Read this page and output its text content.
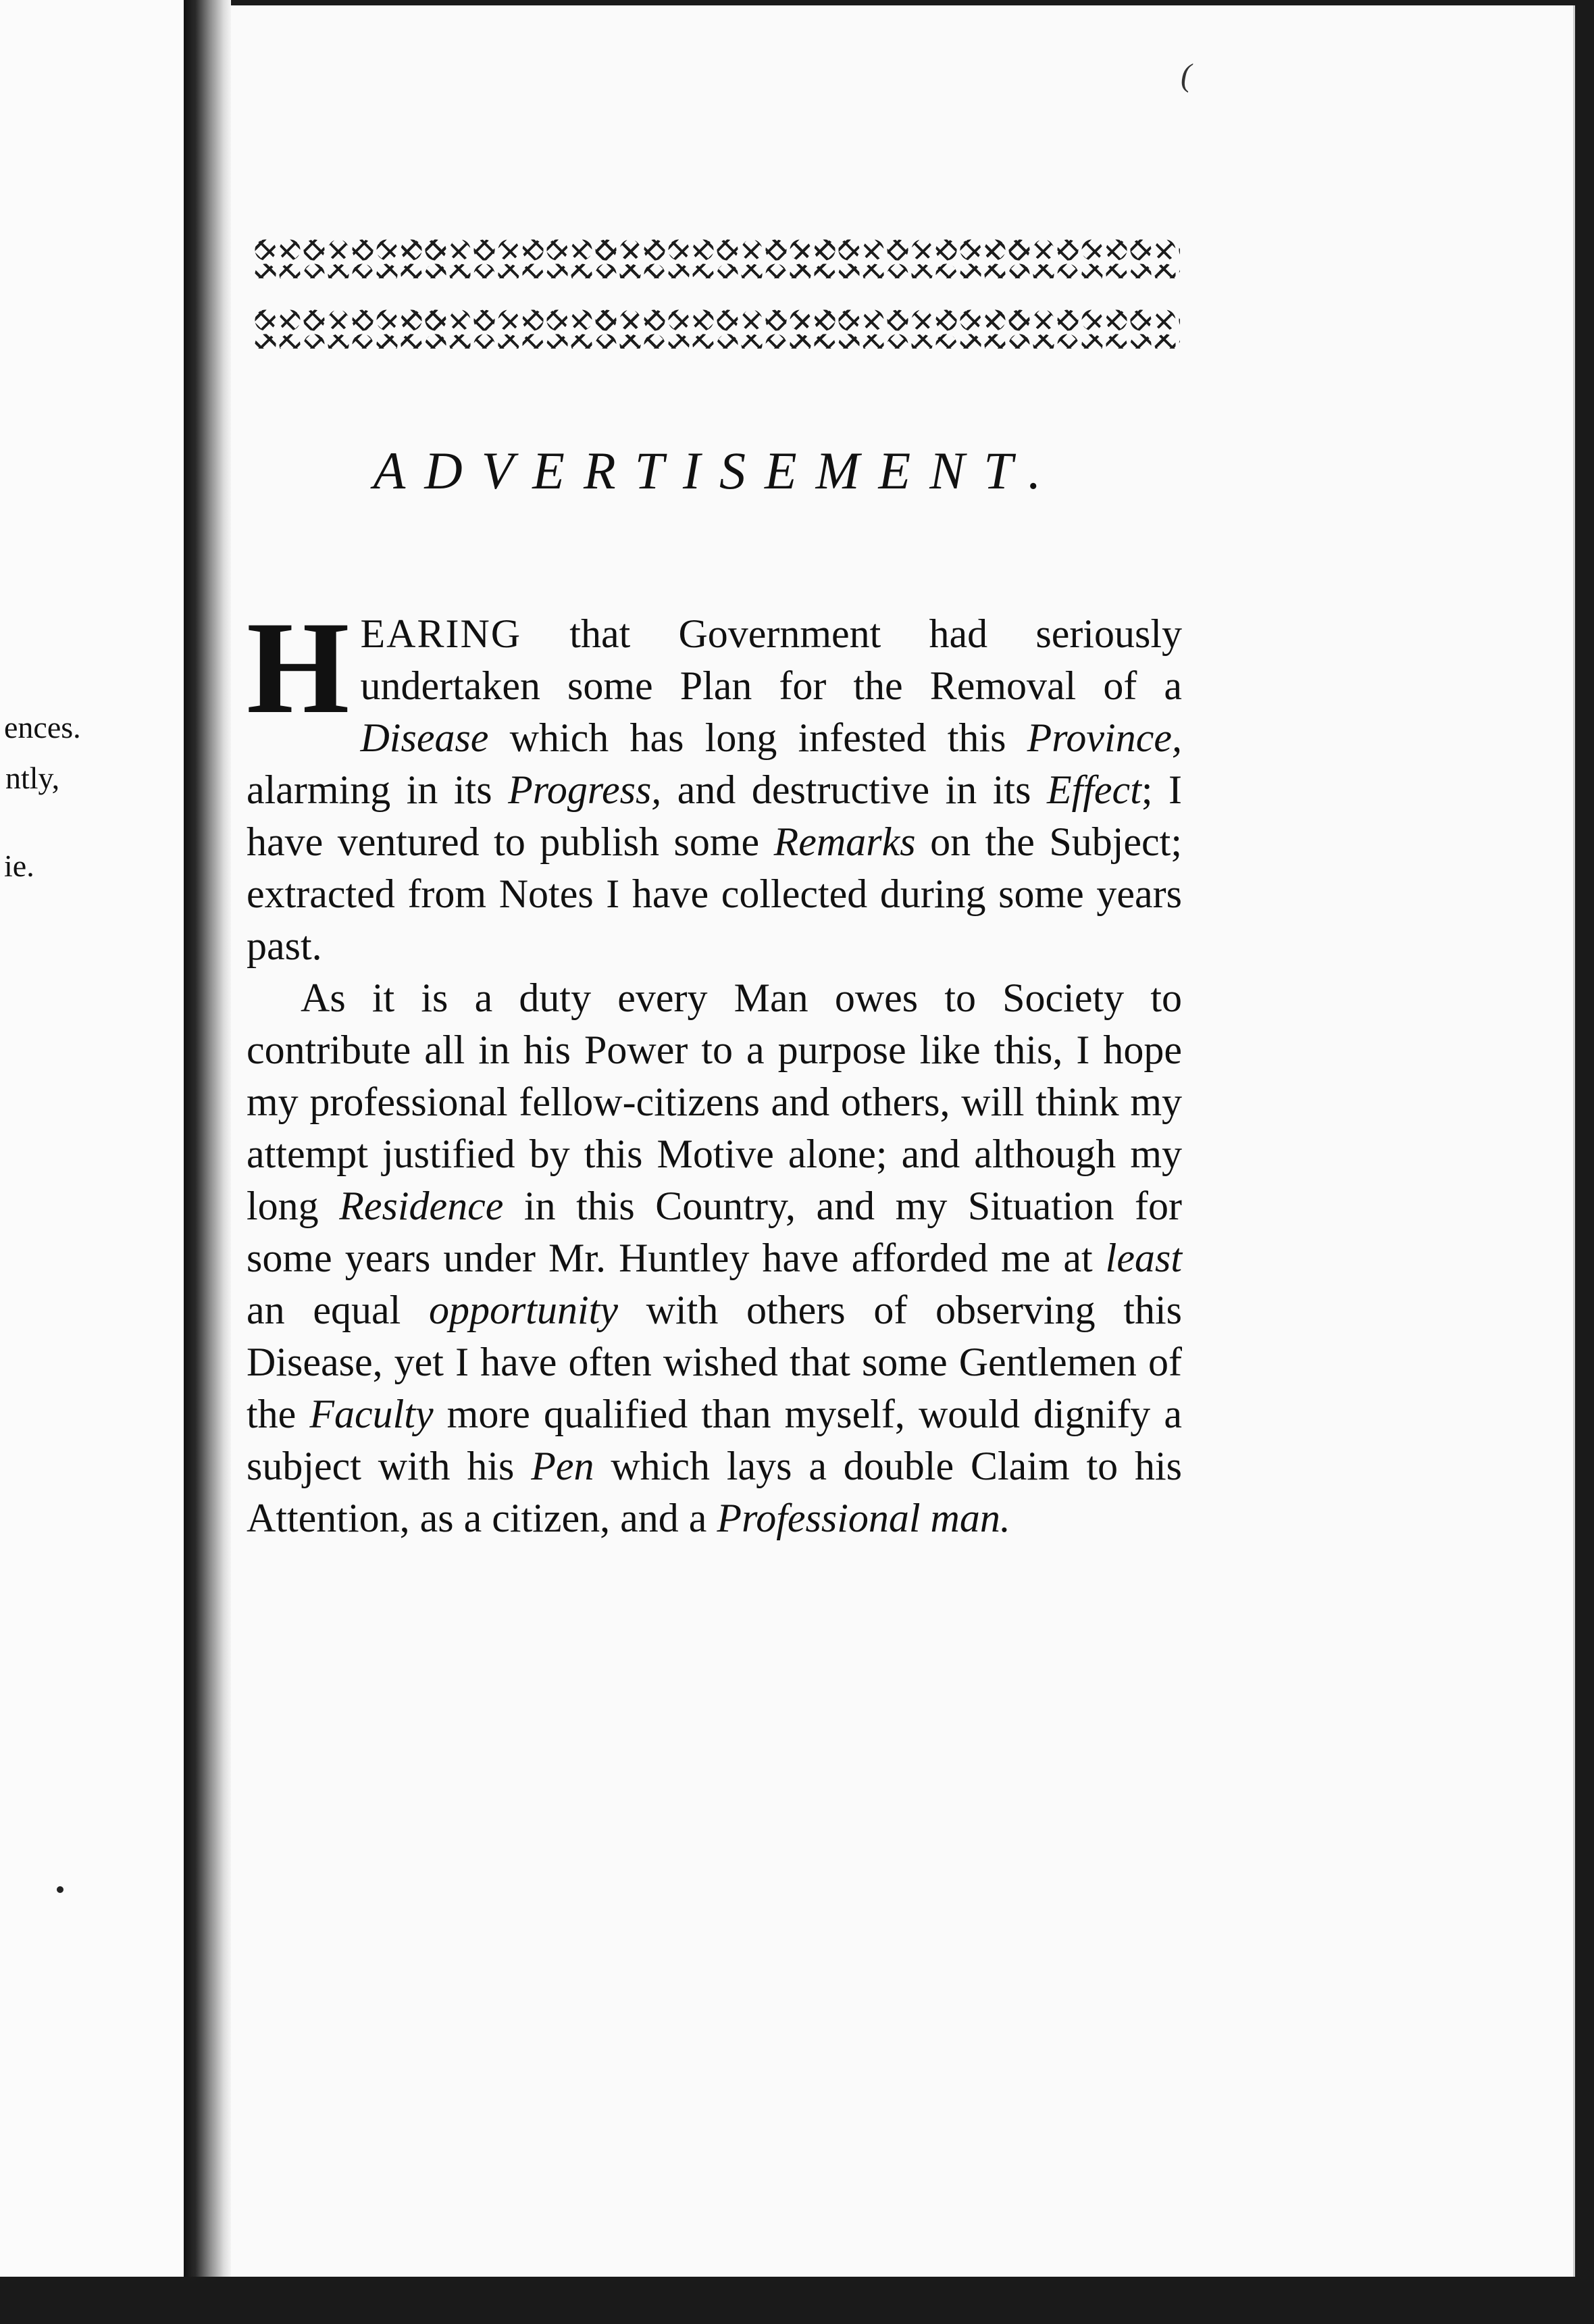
ences.
ntly,
ie.
(
ADVERTISEMENT.

HEARING that Government had seriously undertaken some Plan for the Removal of a Disease which has long infested this Province, alarming in its Progress, and destructive in its Effect; I have ventured to publish some Remarks on the Subject; extracted from Notes I have collected during some years past.

As it is a duty every Man owes to Society to contribute all in his Power to a purpose like this, I hope my professional fellow-citizens and others, will think my attempt justified by this Motive alone; and although my long Residence in this Country, and my Situation for some years under Mr. Huntley have afforded me at least an equal opportunity with others of observing this Disease, yet I have often wished that some Gentlemen of the Faculty more qualified than myself, would dignify a subject with his Pen which lays a double Claim to his Attention, as a citizen, and a Professional man.
